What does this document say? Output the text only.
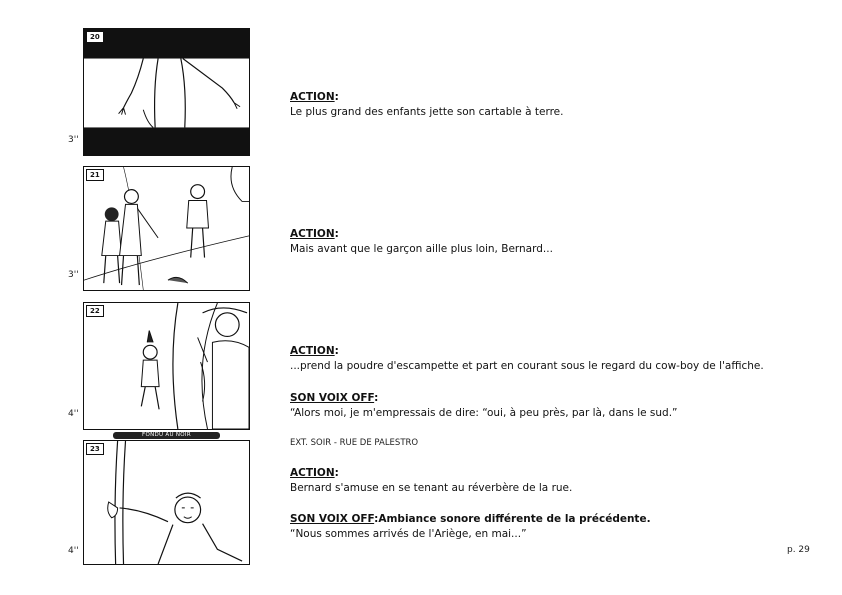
20
3''
21
3''
22
4''
FONDU AU NOIR
23
4''
ACTION:
Le plus grand des enfants jette son cartable à terre.
ACTION:
Mais avant que le garçon aille plus loin, Bernard...
ACTION:
...prend la poudre d'escampette et part en courant sous le regard du cow-boy de l'affiche.
SON VOIX OFF:
“Alors moi, je m'empressais de dire: “oui, à peu près, par là, dans le sud.”
EXT. SOIR - RUE DE PALESTRO
ACTION:
Bernard s'amuse en se tenant au réverbère de la rue.
SON VOIX OFF:Ambiance sonore différente de la précédente.
“Nous sommes arrivés de l'Ariège, en mai...”
p. 29
